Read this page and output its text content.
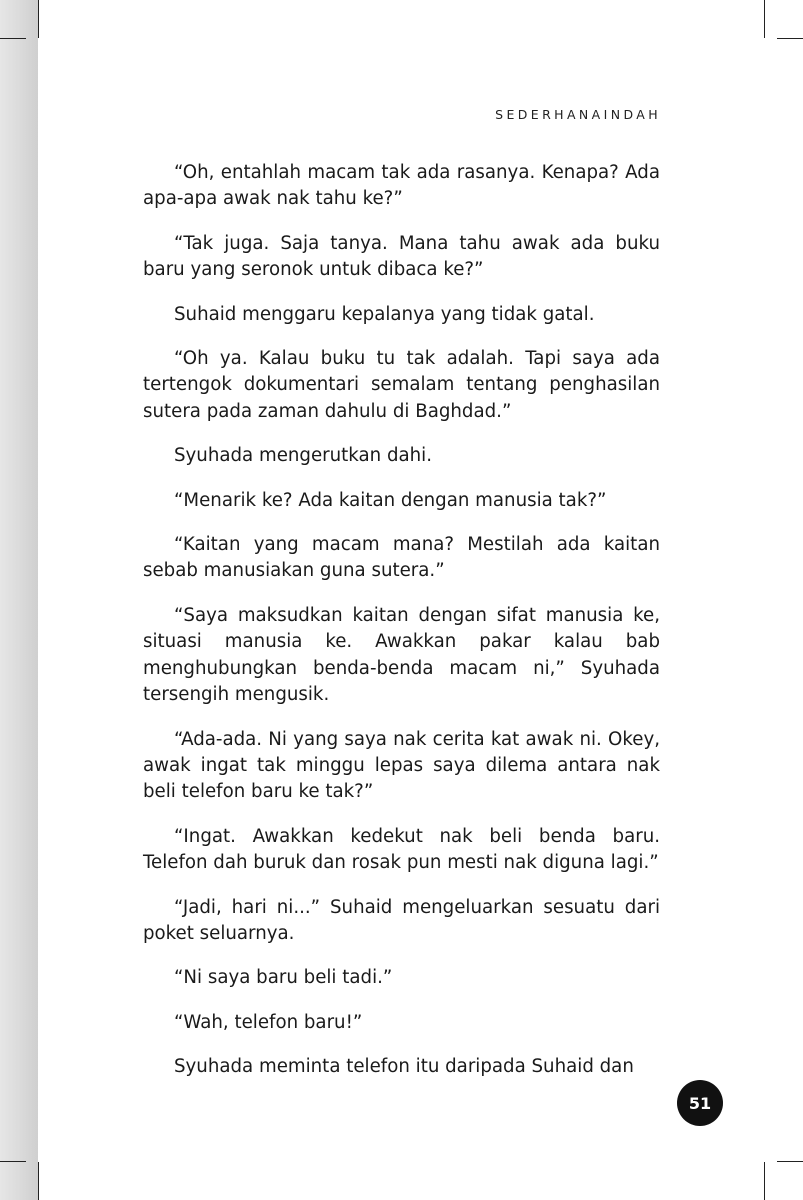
SEDERHANAINDAH

“Oh, entahlah macam tak ada rasanya. Kenapa? Ada apa-apa awak nak tahu ke?”

“Tak juga. Saja tanya. Mana tahu awak ada buku baru yang seronok untuk dibaca ke?”

Suhaid menggaru kepalanya yang tidak gatal.

“Oh ya. Kalau buku tu tak adalah. Tapi saya ada tertengok dokumentari semalam tentang penghasilan sutera pada zaman dahulu di Baghdad.”

Syuhada mengerutkan dahi.

“Menarik ke? Ada kaitan dengan manusia tak?”

“Kaitan yang macam mana? Mestilah ada kaitan sebab manusiakan guna sutera.”

“Saya maksudkan kaitan dengan sifat manusia ke, situasi manusia ke. Awakkan pakar kalau bab menghubungkan benda-benda macam ni,” Syuhada tersengih mengusik.

“Ada-ada. Ni yang saya nak cerita kat awak ni. Okey, awak ingat tak minggu lepas saya dilema antara nak beli telefon baru ke tak?”

“Ingat. Awakkan kedekut nak beli benda baru. Telefon dah buruk dan rosak pun mesti nak diguna lagi.”

“Jadi, hari ni...” Suhaid mengeluarkan sesuatu dari poket seluarnya.

“Ni saya baru beli tadi.”

“Wah, telefon baru!”

Syuhada meminta telefon itu daripada Suhaid dan

51
